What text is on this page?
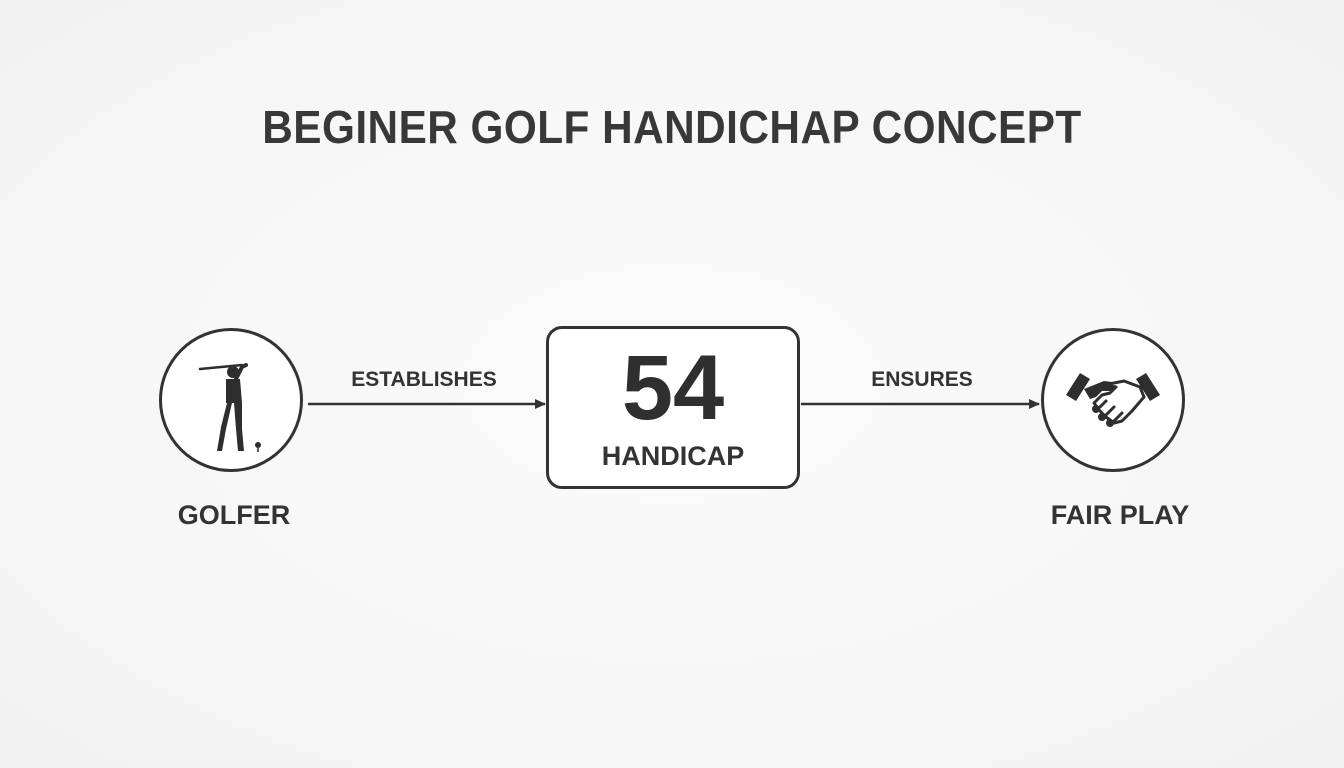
BEGINER GOLF HANDICHAP CONCEPT
ESTABLISHES	ENSURES
GOLFER
54
HANDICAP
FAIR PLAY
